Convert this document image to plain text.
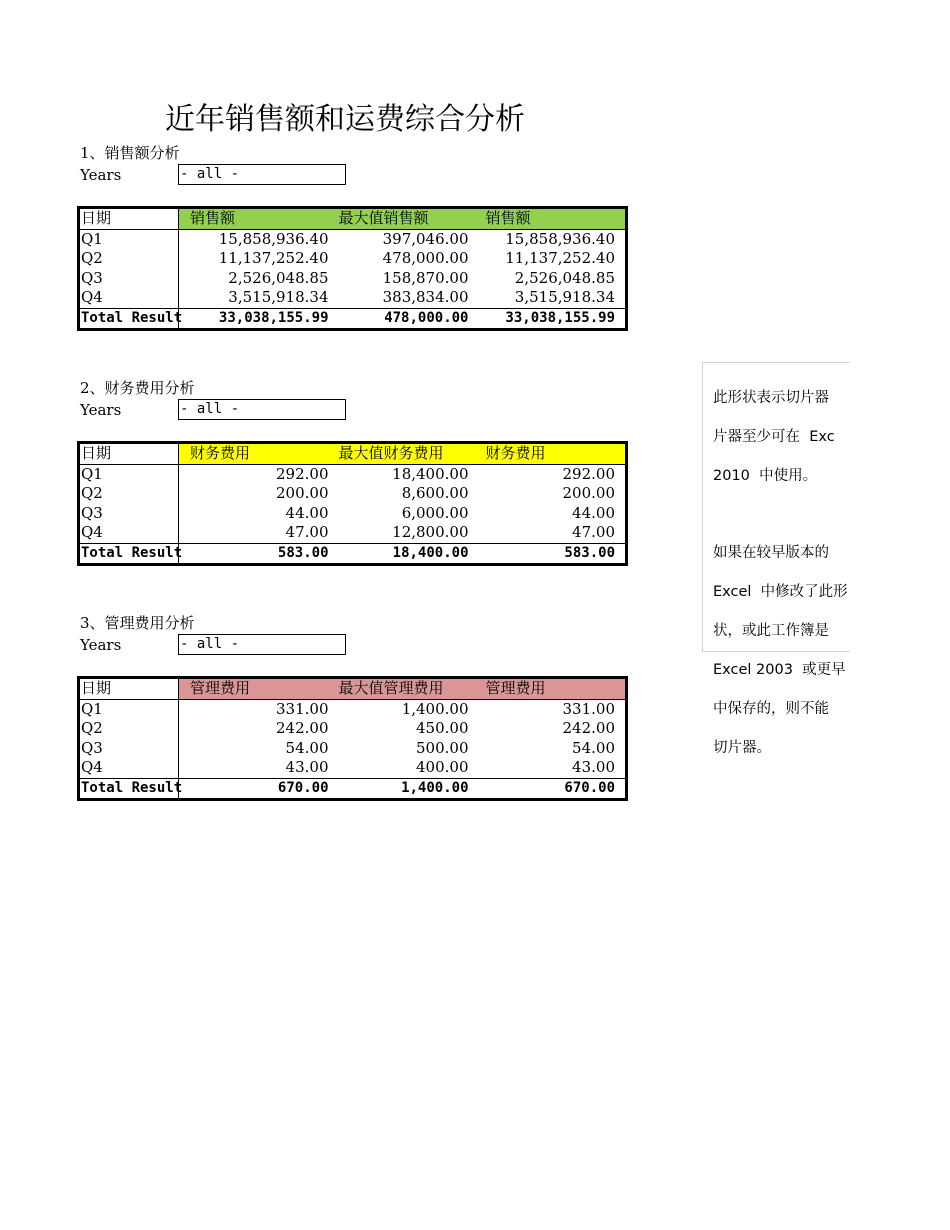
近年销售额和运费综合分析
1、销售额分析
Years	- all -
日期	销售额	最大值销售额	销售额
Q1	15,858,936.40	397,046.00	15,858,936.40
Q2	11,137,252.40	478,000.00	11,137,252.40
Q3	2,526,048.85	158,870.00	2,526,048.85
Q4	3,515,918.34	383,834.00	3,515,918.34
Total Result	33,038,155.99	478,000.00	33,038,155.99
2、财务费用分析
Years	- all -
日期	财务费用	最大值财务费用	财务费用
Q1	292.00	18,400.00	292.00
Q2	200.00	8,600.00	200.00
Q3	44.00	6,000.00	44.00
Q4	47.00	12,800.00	47.00
Total Result	583.00	18,400.00	583.00
3、管理费用分析
Years	- all -
日期	管理费用	最大值管理费用	管理费用
Q1	331.00	1,400.00	331.00
Q2	242.00	450.00	242.00
Q3	54.00	500.00	54.00
Q4	43.00	400.00	43.00
Total Result	670.00	1,400.00	670.00

此形状表示切片器

片器至少可在  Exc

2010  中使用。

如果在较早版本的

Excel  中修改了此形

状，或此工作簿是

Excel 2003  或更早

中保存的，则不能

切片器。
